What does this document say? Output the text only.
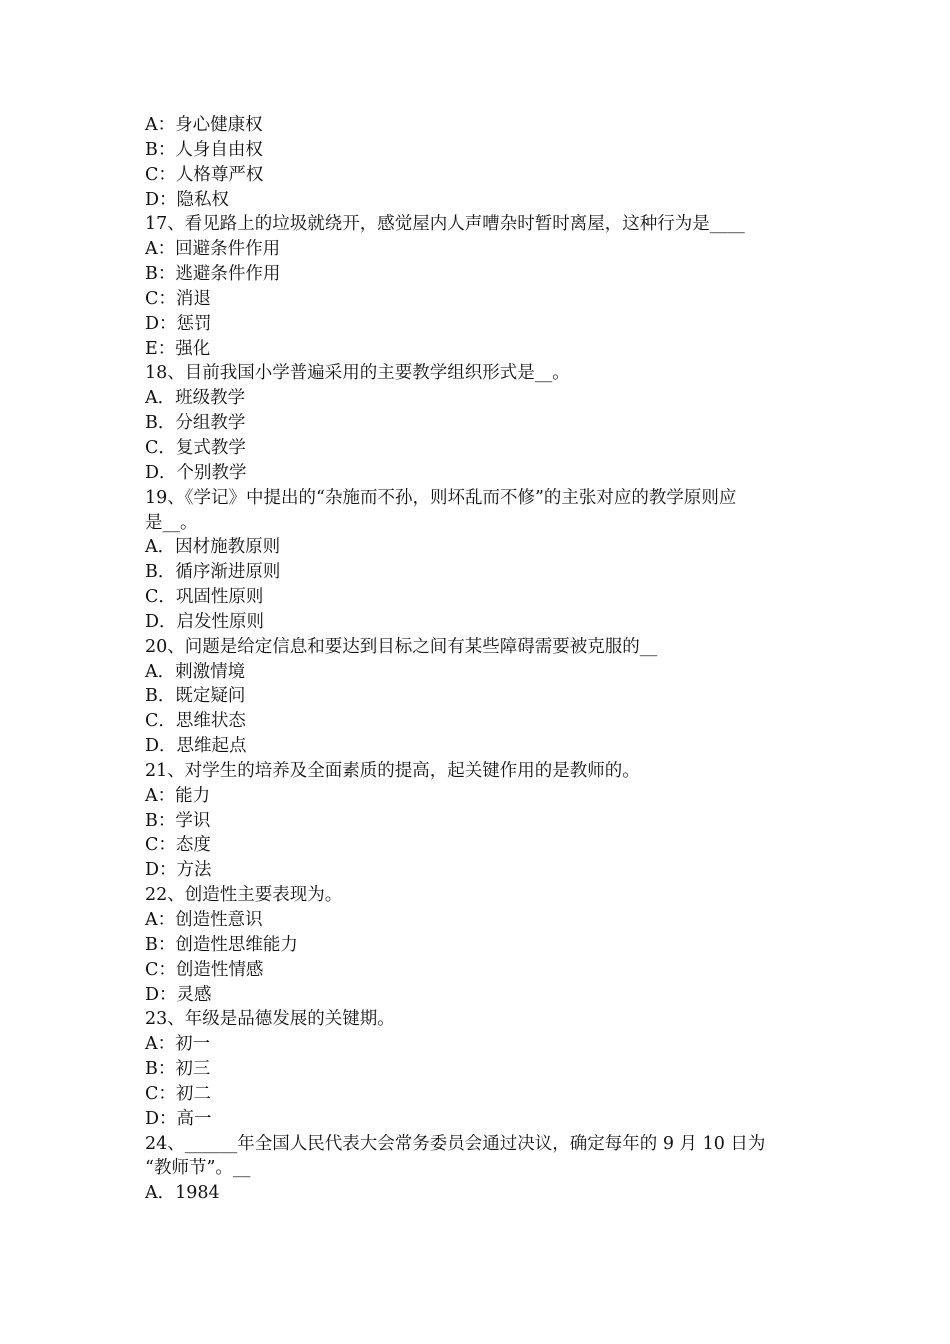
A：身心健康权

B：人身自由权

C：人格尊严权

D：隐私权

17、看见路上的垃圾就绕开，感觉屋内人声嘈杂时暂时离屋，这种行为是____

A：回避条件作用

B：逃避条件作用

C：消退

D：惩罚

E：强化

18、目前我国小学普遍采用的主要教学组织形式是__。

A．班级教学

B．分组教学

C．复式教学

D．个别教学

19、《学记》中提出的“杂施而不孙，则坏乱而不修”的主张对应的教学原则应

是__。

A．因材施教原则

B．循序渐进原则

C．巩固性原则

D．启发性原则

20、问题是给定信息和要达到目标之间有某些障碍需要被克服的__

A．刺激情境

B．既定疑问

C．思维状态

D．思维起点

21、对学生的培养及全面素质的提高，起关键作用的是教师的。

A：能力

B：学识

C：态度

D：方法

22、创造性主要表现为。

A：创造性意识

B：创造性思维能力

C：创造性情感

D：灵感

23、年级是品德发展的关键期。

A：初一

B：初三

C：初二

D：高一

24、______年全国人民代表大会常务委员会通过决议，确定每年的 9 月 10 日为

“教师节”。__

A．1984
